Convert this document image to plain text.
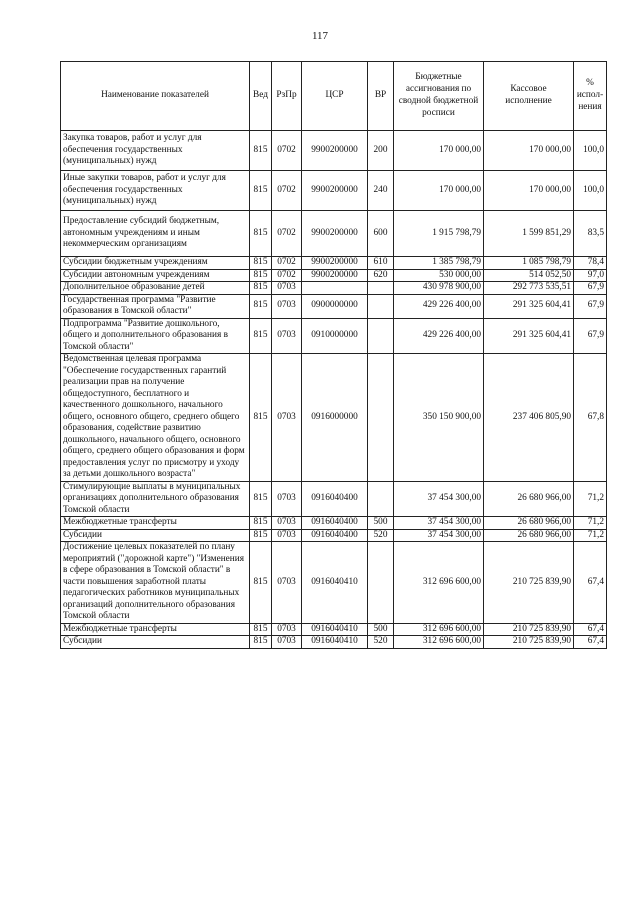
117
Наименование показателей	Вед	РзПр	ЦСР	ВР	Бюджетные ассигнования по сводной бюджетной росписи	Кассовое исполнение	% испол-нения
Закупка товаров, работ и услуг для обеспечения государственных (муниципальных) нужд	815	0702	9900200000	200	170 000,00	170 000,00	100,0
Иные закупки товаров, работ и услуг для обеспечения государственных (муниципальных) нужд	815	0702	9900200000	240	170 000,00	170 000,00	100,0
Предоставление субсидий бюджетным, автономным учреждениям и иным некоммерческим организациям	815	0702	9900200000	600	1 915 798,79	1 599 851,29	83,5
Субсидии бюджетным учреждениям	815	0702	9900200000	610	1 385 798,79	1 085 798,79	78,4
Субсидии автономным учреждениям	815	0702	9900200000	620	530 000,00	514 052,50	97,0
Дополнительное образование детей	815	0703			430 978 900,00	292 773 535,51	67,9
Государственная программа "Развитие образования в Томской области"	815	0703	0900000000		429 226 400,00	291 325 604,41	67,9
Подпрограмма "Развитие дошкольного, общего и дополнительного образования в Томской области"	815	0703	0910000000		429 226 400,00	291 325 604,41	67,9
Ведомственная целевая программа "Обеспечение государственных гарантий реализации прав на получение общедоступного, бесплатного и качественного дошкольного, начального общего, основного общего, среднего общего образования, содействие развитию дошкольного, начального общего, основного общего, среднего общего образования и форм предоставления услуг по присмотру и уходу за детьми дошкольного возраста"	815	0703	0916000000		350 150 900,00	237 406 805,90	67,8
Стимулирующие выплаты в муниципальных организациях дополнительного образования Томской области	815	0703	0916040400		37 454 300,00	26 680 966,00	71,2
Межбюджетные трансферты	815	0703	0916040400	500	37 454 300,00	26 680 966,00	71,2
Субсидии	815	0703	0916040400	520	37 454 300,00	26 680 966,00	71,2
Достижение целевых показателей по плану мероприятий ("дорожной карте") "Изменения в сфере образования в Томской области" в части повышения заработной платы педагогических работников муниципальных организаций дополнительного образования Томской области	815	0703	0916040410		312 696 600,00	210 725 839,90	67,4
Межбюджетные трансферты	815	0703	0916040410	500	312 696 600,00	210 725 839,90	67,4
Субсидии	815	0703	0916040410	520	312 696 600,00	210 725 839,90	67,4
